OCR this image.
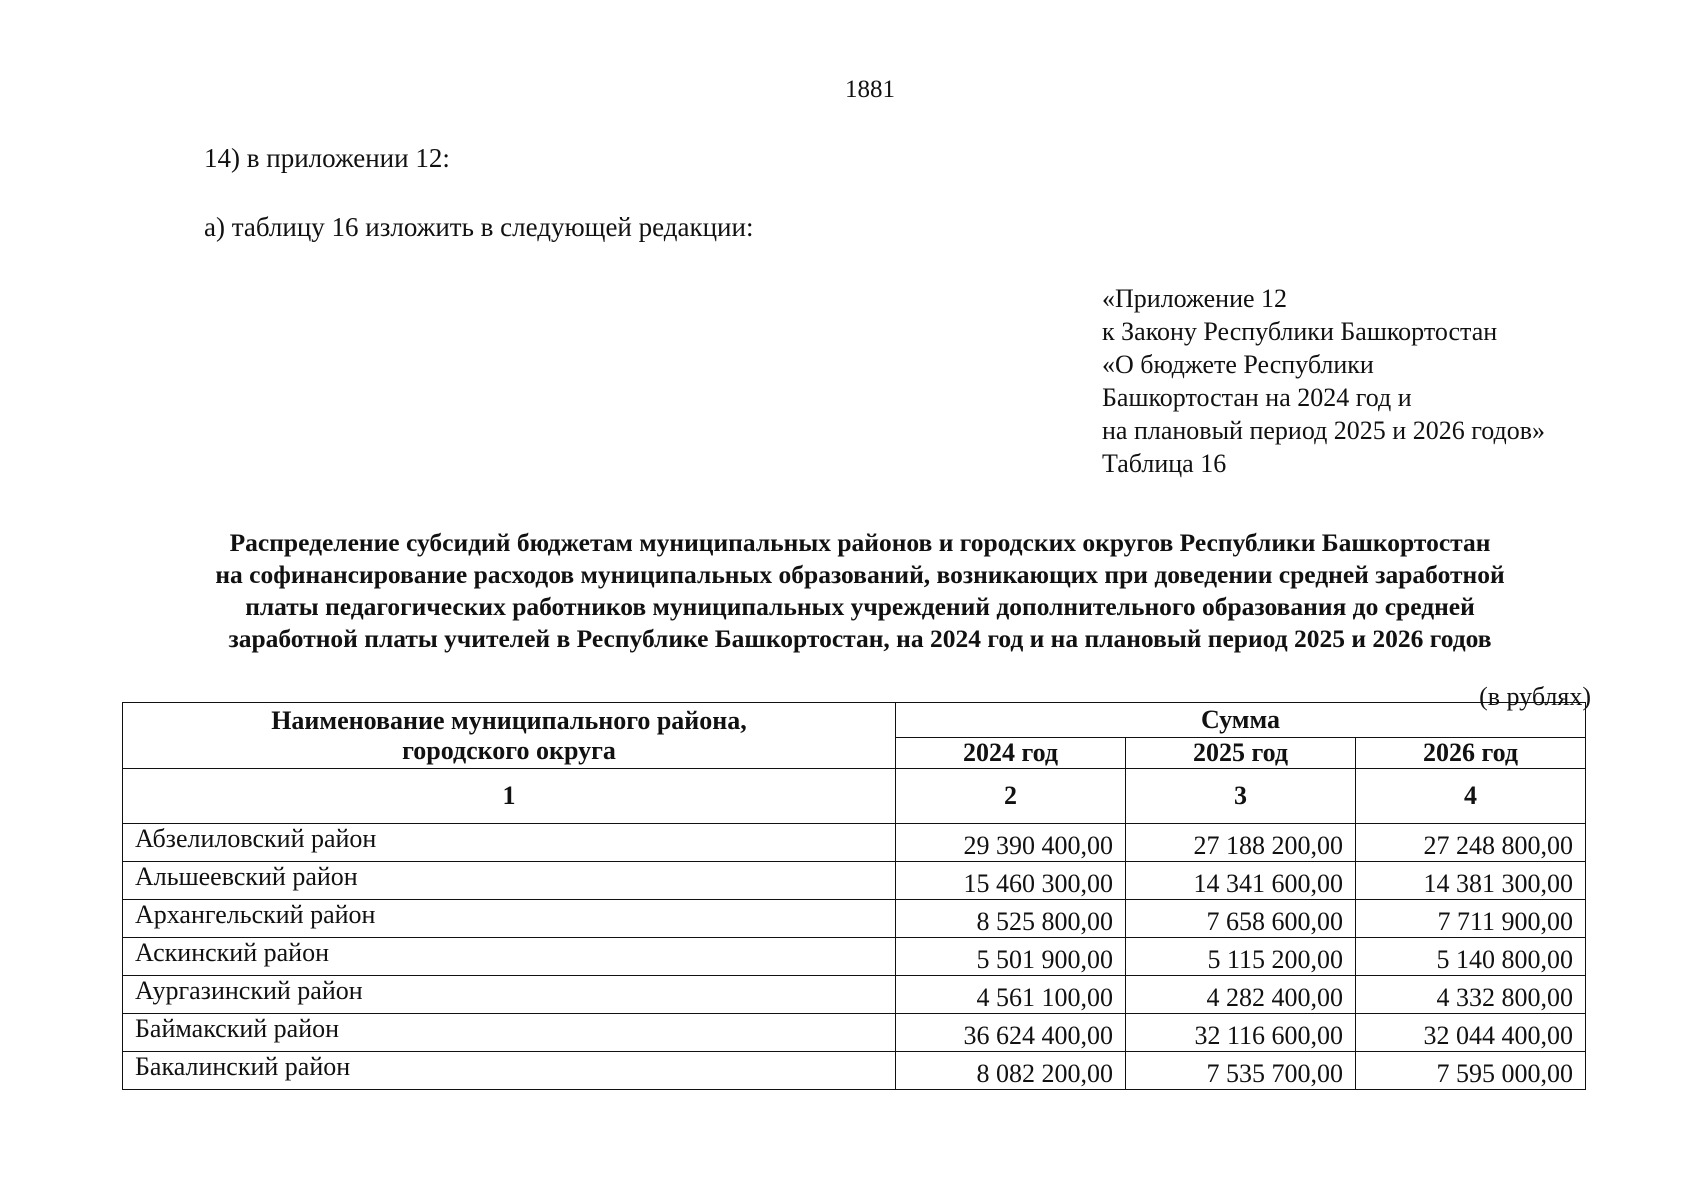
1881
14) в приложении 12:
а) таблицу 16 изложить в следующей редакции:
«Приложение 12
к Закону Республики Башкортостан
«О бюджете Республики
Башкортостан на 2024 год и
на плановый период 2025 и 2026 годов»
Таблица 16
Распределение субсидий бюджетам муниципальных районов и городских округов Республики Башкортостан
на софинансирование расходов муниципальных образований, возникающих при доведении средней заработной
платы педагогических работников муниципальных учреждений дополнительного образования до средней
заработной платы учителей в Республике Башкортостан, на 2024 год и на плановый период 2025 и 2026 годов
(в рублях)
Наименование муниципального района,
городского округа	Сумма		
	2024 год	2025 год	2026 год
1	2	3	4
Абзелиловский район	29 390 400,00	27 188 200,00	27 248 800,00
Альшеевский район	15 460 300,00	14 341 600,00	14 381 300,00
Архангельский район	8 525 800,00	7 658 600,00	7 711 900,00
Аскинский район	5 501 900,00	5 115 200,00	5 140 800,00
Аургазинский район	4 561 100,00	4 282 400,00	4 332 800,00
Баймакский район	36 624 400,00	32 116 600,00	32 044 400,00
Бакалинский район	8 082 200,00	7 535 700,00	7 595 000,00
